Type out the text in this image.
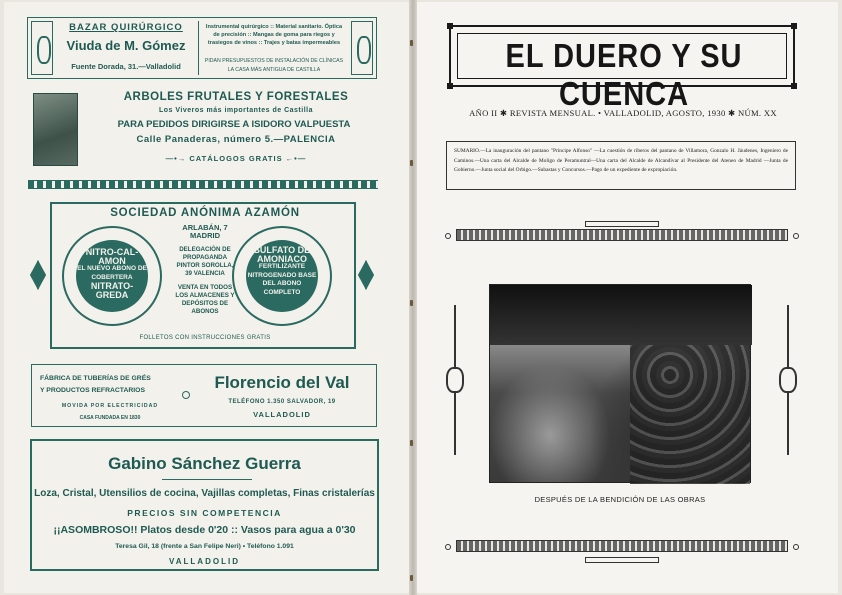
BAZAR QUIRÚRGICO
Viuda de M. Gómez
Fuente Dorada, 31.—Valladolid
Instrumental quirúrgico :: Material sanitario. Óptica de precisión :: Mangas de goma para riegos y trasiegos de vinos :: Trajes y batas impermeables
PIDAN PRESUPUESTOS DE INSTALACIÓN DE CLÍNICAS
LA CASA MÁS ANTIGUA DE CASTILLA
ARBOLES FRUTALES Y FORESTALES
Los Viveros más importantes de Castilla
PARA PEDIDOS DIRIGIRSE A ISIDORO VALPUESTA
Calle Panaderas, número 5.—PALENCIA
—•→ CATÁLOGOS GRATIS ←•—
SOCIEDAD ANÓNIMA AZAMÓN
ARLABÁN, 7 MADRID
DELEGACIÓN DE PROPAGANDA PINTOR SOROLLA, 39 VALENCIA
VENTA EN TODOS LOS ALMACENES Y DEPÓSITOS DE ABONOS
FOLLETOS CON INSTRUCCIONES GRATIS
NITRO-CAL-AMON
EL NUEVO ABONO DE COBERTERA
NITRATO-GREDA
SULFATO DE AMONIACO
FERTILIZANTE NITROGENADO BASE
DEL ABONO COMPLETO
FÁBRICA DE TUBERÍAS DE GRÉS
Y PRODUCTOS REFRACTARIOS
MOVIDA POR ELECTRICIDAD
CASA FUNDADA EN 1830
Florencio del Val
TELÉFONO 1.350 SALVADOR, 19
VALLADOLID
Gabino Sánchez Guerra
Loza, Cristal, Utensilios de cocina, Vajillas completas, Finas cristalerías
PRECIOS SIN COMPETENCIA
¡¡ASOMBROSO!! Platos desde 0'20 :: Vasos para agua a 0'30
Teresa Gil, 18 (frente a San Felipe Neri) • Teléfono 1.091
VALLADOLID
EL DUERO Y SU CUENCA
AÑO II ✱ REVISTA MENSUAL. • VALLADOLID, AGOSTO, 1930 ✱ NÚM. XX
SUMARIO.—La inauguración del pantano "Príncipe Alfonso" —La cuestión de ríberos del pantano de Villamora, Gonzalo H. Jáudenes, Ingeniero de Caminos.—Una carta del Alcalde de Moligo de Peramuntral—Una carta del Alcalde de Alcandívar al Presidente del Ateneo de Madrid —Junta de Gobierno.—Junta social del Orbigo.—Subastas y Concursos.—Pago de un expediente de expropiación.
DESPUÉS DE LA BENDICIÓN DE LAS OBRAS
